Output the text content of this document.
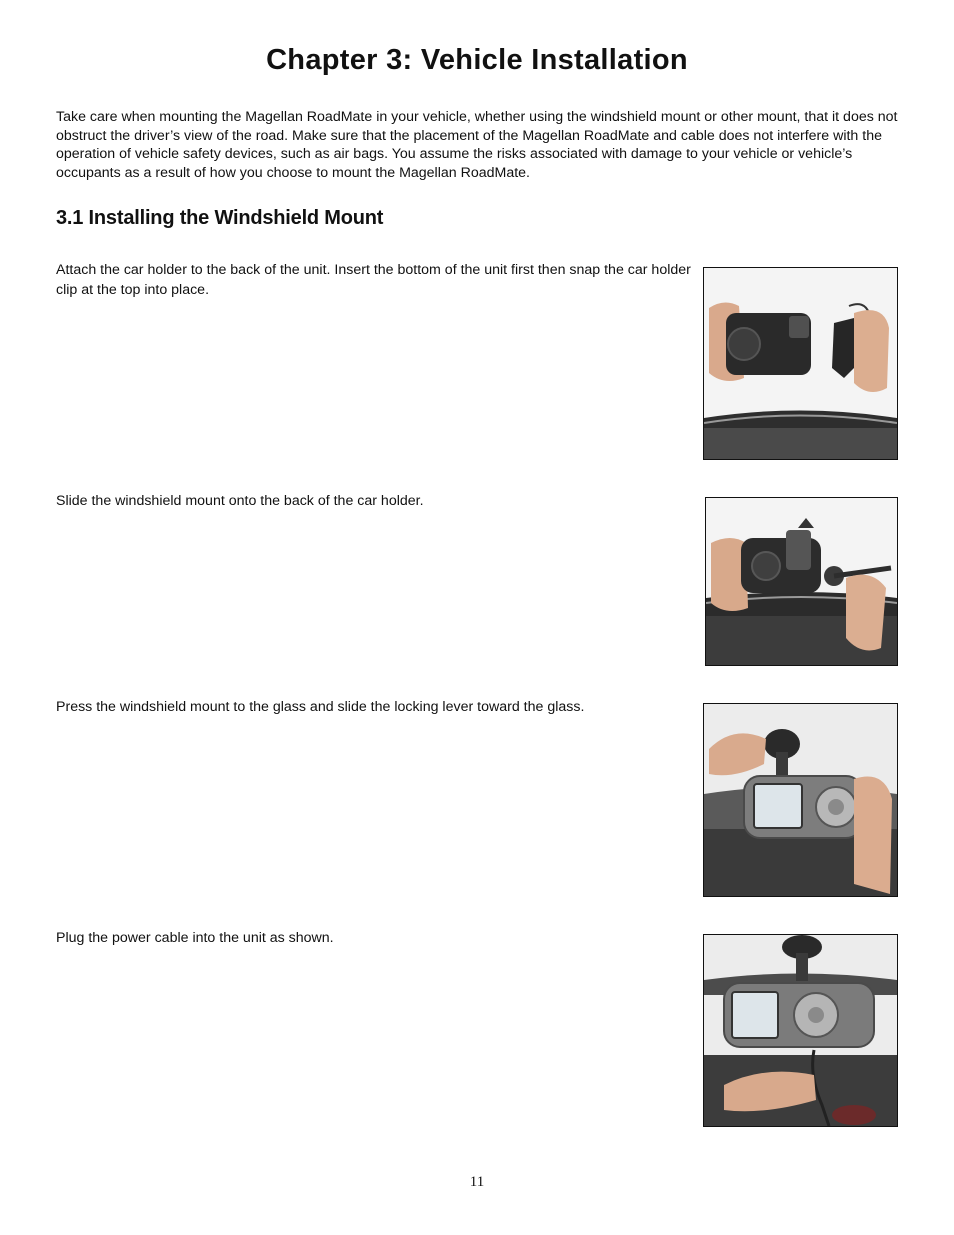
Chapter 3: Vehicle Installation

Take care when mounting the Magellan RoadMate in your vehicle, whether using the windshield mount or other mount, that it does not obstruct the driver’s view of the road. Make sure that the placement of the Magellan RoadMate and cable does not interfere with the operation of vehicle safety devices, such as air bags. You assume the risks associated with damage to your vehicle or vehicle’s occupants as a result of how you choose to mount the Magellan RoadMate.

3.1 Installing the Windshield Mount

Attach the car holder to the back of the unit. Insert the bottom of the unit first then snap the car holder clip at the top into place.

Slide the windshield mount onto the back of the car holder.

Press the windshield mount to the glass and slide the locking lever toward the glass.

Plug the power cable into the unit as shown.

11
